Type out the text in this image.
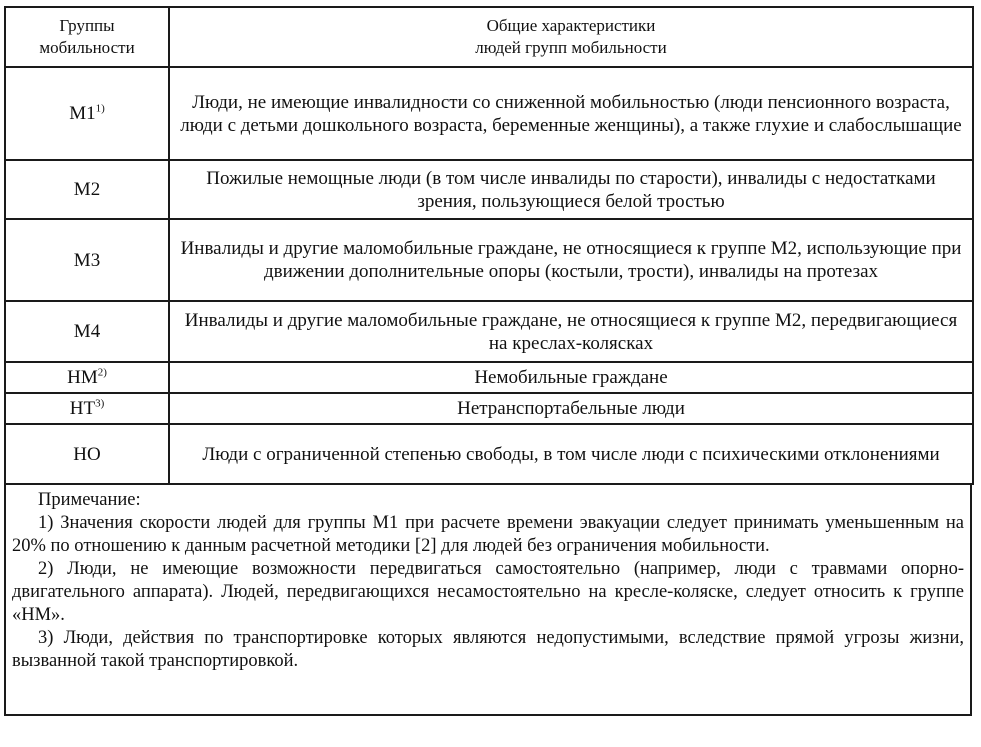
Группы мобильности	Общие характеристики
людей групп мобильности

М1$^{1)}$	Люди, не имеющие инвалидности со сниженной мобильностью (люди пенсионного возраста, люди с детьми дошкольного возраста, беременные женщины), а также глухие и слабослышащие
М2	Пожилые немощные люди (в том числе инвалиды по старости), инвалиды с недостатками зрения, пользующиеся белой тростью
М3	Инвалиды и другие маломобильные граждане, не относящиеся к группе М2, использующие при движении дополнительные опоры (костыли, трости), инвалиды на протезах
М4	Инвалиды и другие маломобильные граждане, не относящиеся к группе М2, передвигающиеся на креслах-колясках
НМ$^{2)}$	Немобильные граждане
НТ$^{3)}$	Нетранспортабельные люди
НО	Люди с ограниченной степенью свободы, в том числе люди с психическими отклонениями

Примечание:

1) Значения скорости людей для группы М1 при расчете времени эвакуации следует принимать уменьшенным на 20% по отношению к данным расчетной методики [2] для людей без ограничения мобильности.

2) Люди, не имеющие возможности передвигаться самостоятельно (например, люди с травмами опорно-двигательного аппарата). Людей, передвигающихся несамостоятельно на кресле-коляске, следует относить к группе «НМ».

3) Люди, действия по транспортировке которых являются недопустимыми, вследствие прямой угрозы жизни, вызванной такой транспортировкой.
